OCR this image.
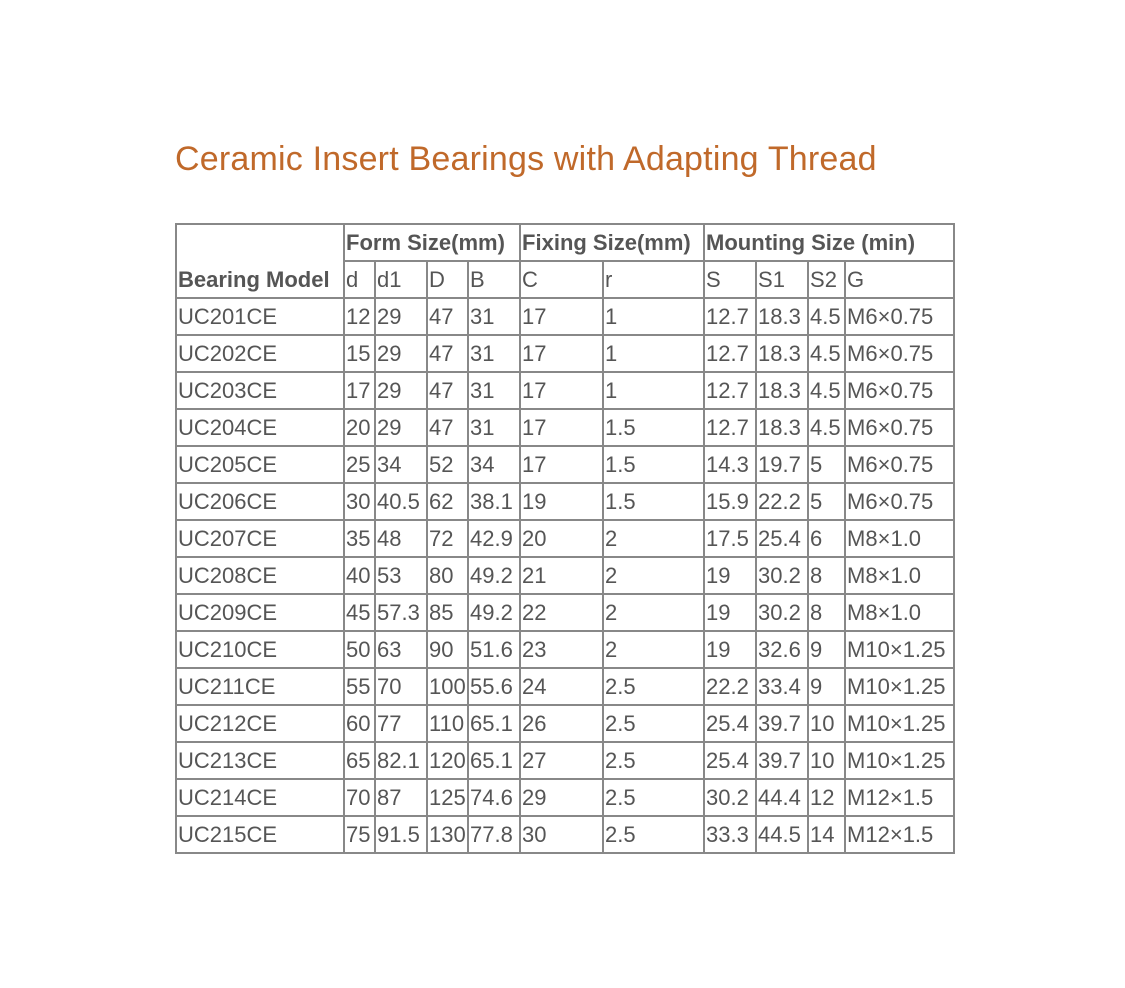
Ceramic Insert Bearings with Adapting Thread
Bearing Model	Form Size(mm)				Fixing Size(mm)		Mounting Size (min)			
	d	d1	D	B	C	r	S	S1	S2	G
UC201CE	12	29	47	31	17	1	12.7	18.3	4.5	M6×0.75
UC202CE	15	29	47	31	17	1	12.7	18.3	4.5	M6×0.75
UC203CE	17	29	47	31	17	1	12.7	18.3	4.5	M6×0.75
UC204CE	20	29	47	31	17	1.5	12.7	18.3	4.5	M6×0.75
UC205CE	25	34	52	34	17	1.5	14.3	19.7	5	M6×0.75
UC206CE	30	40.5	62	38.1	19	1.5	15.9	22.2	5	M6×0.75
UC207CE	35	48	72	42.9	20	2	17.5	25.4	6	M8×1.0
UC208CE	40	53	80	49.2	21	2	19	30.2	8	M8×1.0
UC209CE	45	57.3	85	49.2	22	2	19	30.2	8	M8×1.0
UC210CE	50	63	90	51.6	23	2	19	32.6	9	M10×1.25
UC211CE	55	70	100	55.6	24	2.5	22.2	33.4	9	M10×1.25
UC212CE	60	77	110	65.1	26	2.5	25.4	39.7	10	M10×1.25
UC213CE	65	82.1	120	65.1	27	2.5	25.4	39.7	10	M10×1.25
UC214CE	70	87	125	74.6	29	2.5	30.2	44.4	12	M12×1.5
UC215CE	75	91.5	130	77.8	30	2.5	33.3	44.5	14	M12×1.5
